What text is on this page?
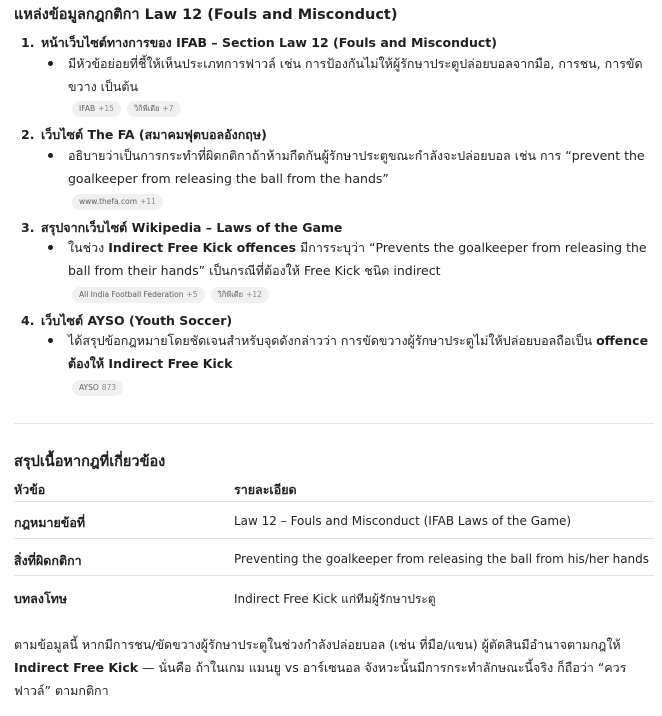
แหล่งข้อมูลกฎกติกา Law 12 (Fouls and Misconduct)
1. หน้าเว็บไซต์ทางการของ IFAB – Section Law 12 (Fouls and Misconduct)
มีหัวข้อย่อยที่ชี้ให้เห็นประเภทการฟาวล์ เช่น การป้องกันไม่ให้ผู้รักษาประตูปล่อยบอลจากมือ, การชน, การขัดขวาง เป็นต้น
IFAB +15	วิกิพีเดีย +7
2. เว็บไซต์ The FA (สมาคมฟุตบอลอังกฤษ)
อธิบายว่าเป็นการกระทำที่ผิดกติกาถ้าห้ามกีดกันผู้รักษาประตูขณะกำลังจะปล่อยบอล เช่น การ “prevent the goalkeeper from releasing the ball from the hands”
www.thefa.com +11
3. สรุปจากเว็บไซต์ Wikipedia – Laws of the Game
ในช่วง Indirect Free Kick offences มีการระบุว่า “Prevents the goalkeeper from releasing the ball from their hands” เป็นกรณีที่ต้องให้ Free Kick ชนิด indirect
All India Football Federation +5	วิกิพีเดีย +12
4. เว็บไซต์ AYSO (Youth Soccer)
ได้สรุปข้อกฎหมายโดยชัดเจนสำหรับจุดดังกล่าวว่า การขัดขวางผู้รักษาประตูไม่ให้ปล่อยบอลถือเป็น offence ต้องให้ Indirect Free Kick
AYSO 873
สรุปเนื้อหากฎที่เกี่ยวข้อง
หัวข้อ	รายละเอียด
กฎหมายข้อที่	Law 12 – Fouls and Misconduct (IFAB Laws of the Game)
สิ่งที่ผิดกติกา	Preventing the goalkeeper from releasing the ball from his/her hands
บทลงโทษ	Indirect Free Kick แก่ทีมผู้รักษาประตู
ตามข้อมูลนี้ หากมีการชน/ขัดขวางผู้รักษาประตูในช่วงกำลังปล่อยบอล (เช่น ที่มือ/แขน) ผู้ตัดสินมีอำนาจตามกฎให้ Indirect Free Kick — นั่นคือ ถ้าในเกม แมนยู vs อาร์เซนอล จังหวะนั้นมีการกระทำลักษณะนี้จริง ก็ถือว่า “ควรฟาวล์” ตามกติกา
